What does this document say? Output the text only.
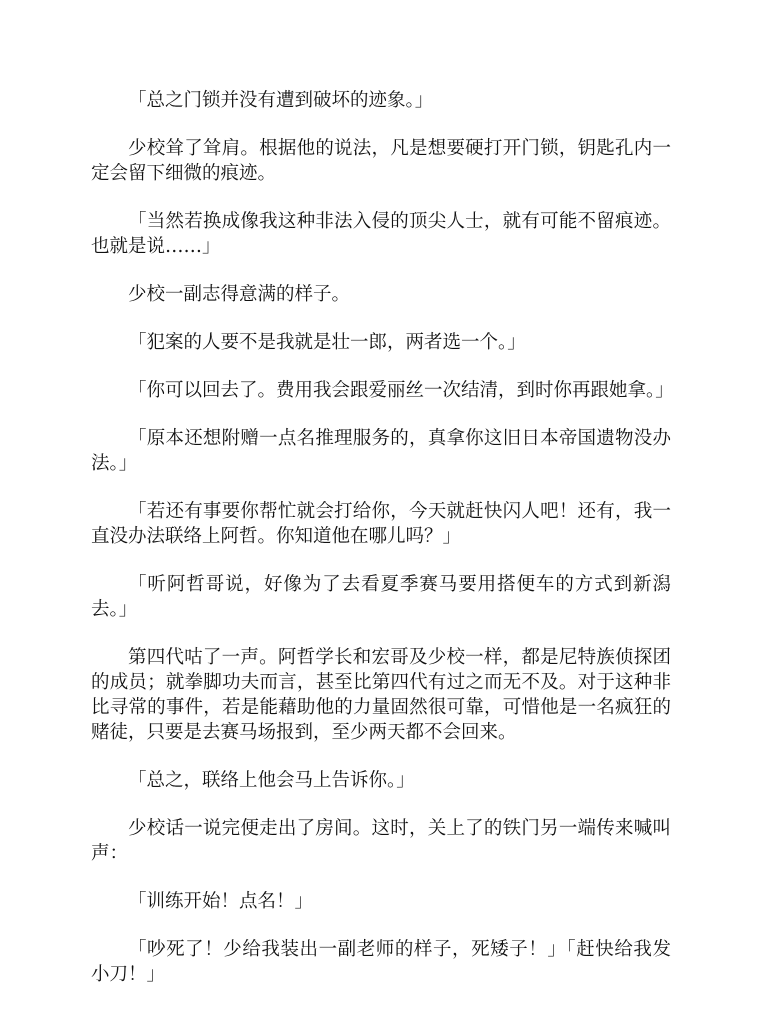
「总之门锁并没有遭到破坏的迹象。」

少校耸了耸肩。根据他的说法，凡是想要硬打开门锁，钥匙孔内一定会留下细微的痕迹。

「当然若换成像我这种非法入侵的顶尖人士，就有可能不留痕迹。也就是说……」

少校一副志得意满的样子。

「犯案的人要不是我就是壮一郎，两者选一个。」

「你可以回去了。费用我会跟爱丽丝一次结清，到时你再跟她拿。」

「原本还想附赠一点名推理服务的，真拿你这旧日本帝国遗物没办法。」

「若还有事要你帮忙就会打给你，今天就赶快闪人吧！还有，我一直没办法联络上阿哲。你知道他在哪儿吗？」

「听阿哲哥说，好像为了去看夏季赛马要用搭便车的方式到新潟去。」

第四代咕了一声。阿哲学长和宏哥及少校一样，都是尼特族侦探团的成员；就拳脚功夫而言，甚至比第四代有过之而无不及。对于这种非比寻常的事件，若是能藉助他的力量固然很可靠，可惜他是一名疯狂的赌徒，只要是去赛马场报到，至少两天都不会回来。

「总之，联络上他会马上告诉你。」

少校话一说完便走出了房间。这时，关上了的铁门另一端传来喊叫声：

「训练开始！点名！」

「吵死了！少给我装出一副老师的样子，死矮子！」「赶快给我发小刀！」
